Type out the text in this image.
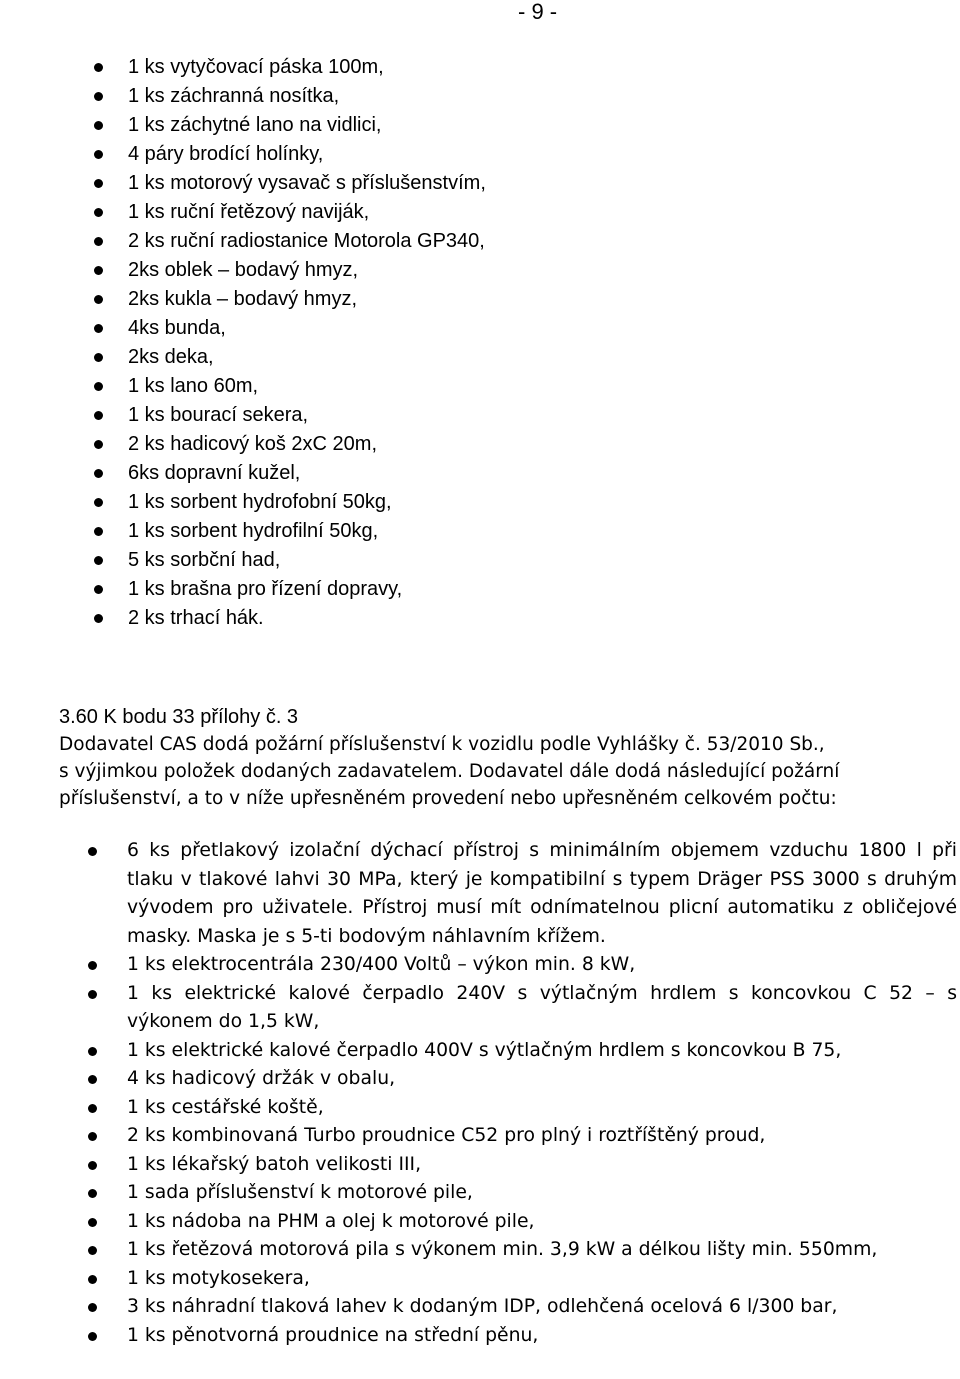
- 9 -
1 ks vytyčovací páska 100m,
1 ks záchranná nosítka,
1 ks záchytné lano na vidlici,
4 páry brodící holínky,
1 ks motorový vysavač s příslušenstvím,
1 ks ruční řetězový naviják,
2 ks ruční radiostanice Motorola GP340,
2ks oblek – bodavý hmyz,
2ks kukla – bodavý hmyz,
4ks bunda,
2ks deka,
1 ks lano 60m,
1 ks bourací sekera,
2 ks hadicový koš 2xC 20m,
6ks dopravní kužel,
1 ks sorbent hydrofobní 50kg,
1 ks sorbent hydrofilní 50kg,
5 ks sorbční had,
1 ks brašna pro řízení dopravy,
2 ks trhací hák.
3.60 K bodu 33 přílohy č. 3
Dodavatel CAS dodá požární příslušenství k vozidlu podle Vyhlášky č. 53/2010 Sb.,
s výjimkou položek dodaných zadavatelem. Dodavatel dále dodá následující požární
příslušenství, a to v níže upřesněném provedení nebo upřesněném celkovém počtu:
6 ks přetlakový izolační dýchací přístroj s minimálním objemem vzduchu 1800 l při tlaku v tlakové lahvi 30 MPa, který je kompatibilní s typem Dräger PSS 3000 s druhým vývodem pro uživatele. Přístroj musí mít odnímatelnou plicní automatiku z obličejové masky. Maska je s 5-ti bodovým náhlavním křížem.
1 ks elektrocentrála 230/400 Voltů – výkon min. 8 kW,
1 ks elektrické kalové čerpadlo 240V s výtlačným hrdlem s koncovkou C 52 – s výkonem do 1,5 kW,
1 ks elektrické kalové čerpadlo 400V s výtlačným hrdlem s koncovkou B 75,
4 ks hadicový držák v obalu,
1 ks cestářské koště,
2 ks kombinovaná Turbo proudnice C52 pro plný i roztříštěný proud,
1 ks lékařský batoh velikosti III,
1 sada příslušenství k motorové pile,
1 ks nádoba na PHM a olej k motorové pile,
1 ks řetězová motorová pila s výkonem min. 3,9 kW a délkou lišty min. 550mm,
1 ks motykosekera,
3 ks náhradní tlaková lahev k dodaným IDP, odlehčená ocelová 6 l/300 bar,
1 ks pěnotvorná proudnice na střední pěnu,
